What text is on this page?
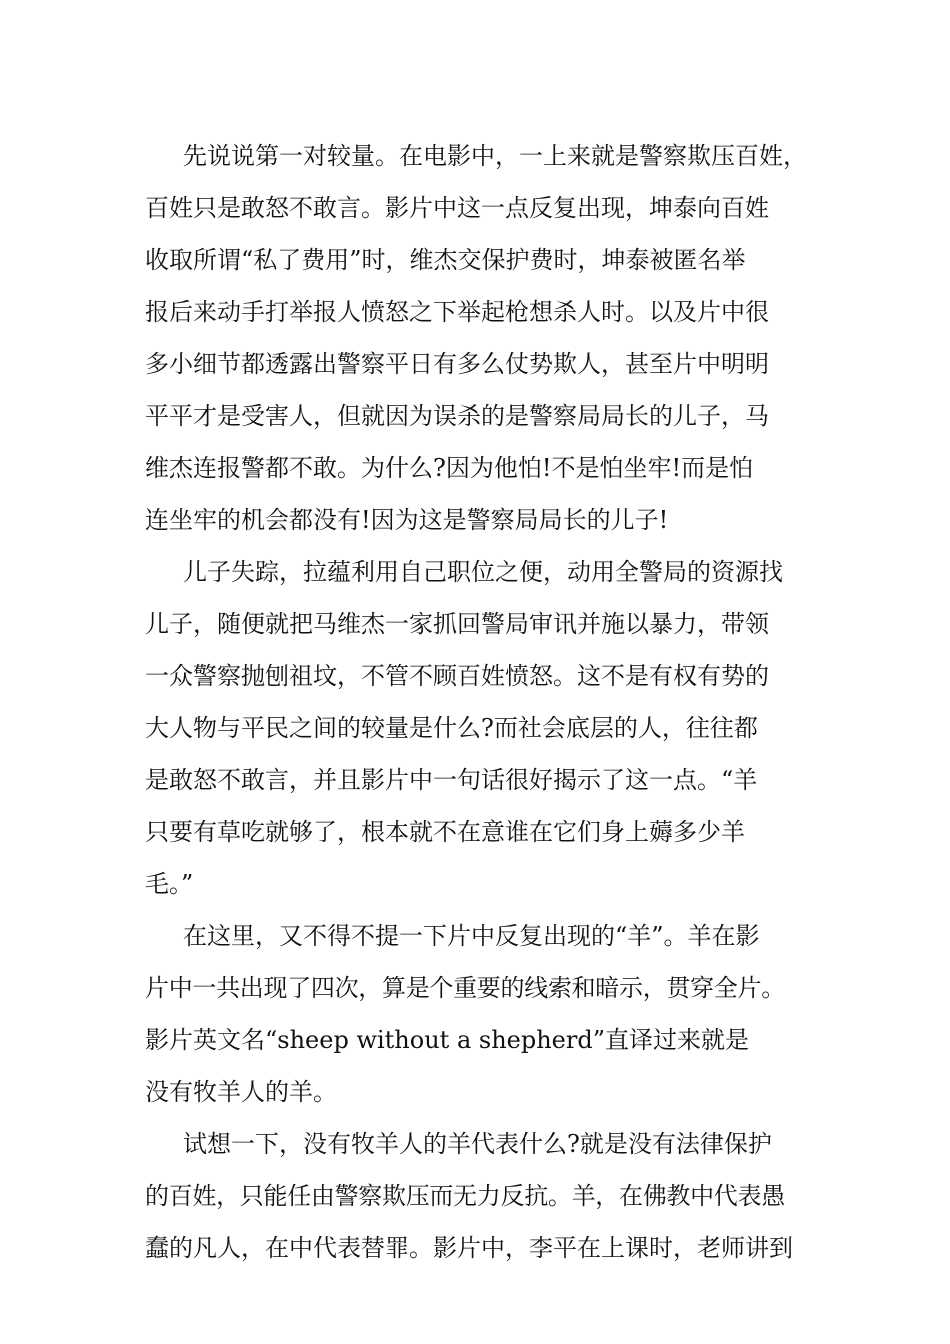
先说说第一对较量。在电影中，一上来就是警察欺压百姓，
百姓只是敢怒不敢言。影片中这一点反复出现，坤泰向百姓
收取所谓“私了费用”时，维杰交保护费时，坤泰被匿名举
报后来动手打举报人愤怒之下举起枪想杀人时。以及片中很
多小细节都透露出警察平日有多么仗势欺人，甚至片中明明
平平才是受害人，但就因为误杀的是警察局局长的儿子，马
维杰连报警都不敢。为什么?因为他怕!不是怕坐牢!而是怕
连坐牢的机会都没有!因为这是警察局局长的儿子!
儿子失踪，拉蕴利用自己职位之便，动用全警局的资源找
儿子，随便就把马维杰一家抓回警局审讯并施以暴力，带领
一众警察抛刨祖坟，不管不顾百姓愤怒。这不是有权有势的
大人物与平民之间的较量是什么?而社会底层的人，往往都
是敢怒不敢言，并且影片中一句话很好揭示了这一点。“羊
只要有草吃就够了，根本就不在意谁在它们身上薅多少羊
毛。”
在这里，又不得不提一下片中反复出现的“羊”。羊在影
片中一共出现了四次，算是个重要的线索和暗示，贯穿全片。
影片英文名“sheep without a shepherd”直译过来就是
没有牧羊人的羊。
试想一下，没有牧羊人的羊代表什么?就是没有法律保护
的百姓，只能任由警察欺压而无力反抗。羊，在佛教中代表愚
蠢的凡人，在中代表替罪。影片中，李平在上课时，老师讲到
